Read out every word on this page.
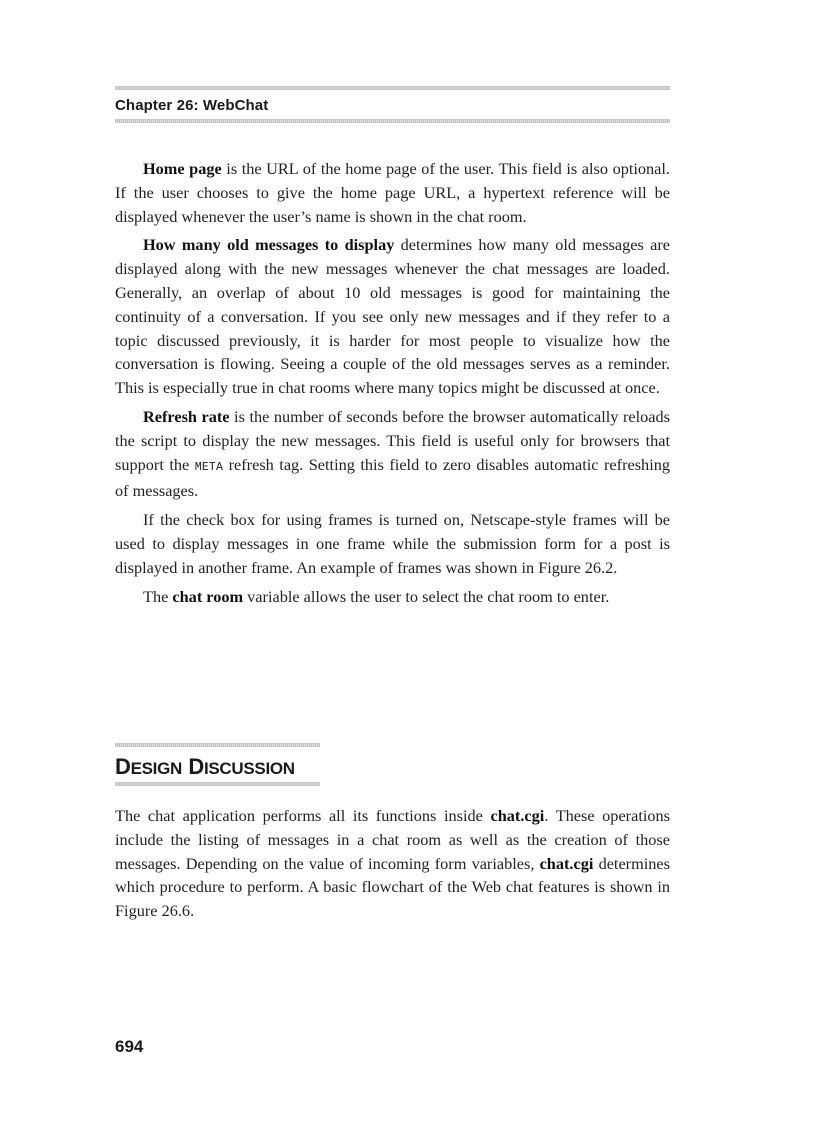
Chapter 26: WebChat

Home page is the URL of the home page of the user. This field is also optional. If the user chooses to give the home page URL, a hypertext reference will be displayed whenever the user’s name is shown in the chat room.

How many old messages to display determines how many old messages are displayed along with the new messages whenever the chat messages are loaded. Generally, an overlap of about 10 old messages is good for maintaining the continuity of a conversation. If you see only new messages and if they refer to a topic discussed previously, it is harder for most people to visualize how the conversation is flowing. Seeing a couple of the old messages serves as a reminder. This is especially true in chat rooms where many topics might be discussed at once.

Refresh rate is the number of seconds before the browser automatically reloads the script to display the new messages. This field is useful only for browsers that support the META refresh tag. Setting this field to zero disables automatic refreshing of messages.

If the check box for using frames is turned on, Netscape-style frames will be used to display messages in one frame while the submission form for a post is displayed in another frame. An example of frames was shown in Figure 26.2.

The chat room variable allows the user to select the chat room to enter.

DESIGN DISCUSSION

The chat application performs all its functions inside chat.cgi. These operations include the listing of messages in a chat room as well as the creation of those messages. Depending on the value of incoming form variables, chat.cgi determines which procedure to perform. A basic flowchart of the Web chat features is shown in Figure 26.6.

694
